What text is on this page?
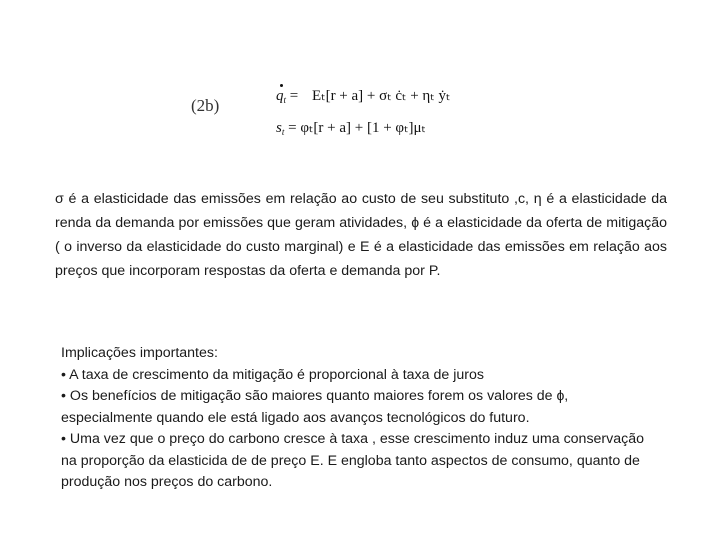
(2b)	$q_t = E_t[r + a] + \sigma_t$ ċₜ + ηₜ ẏₜ
$s_t = \varphi_t[r + a] + [1 + \varphi_t]\mu_t$
σ é a elasticidade das emissões em relação ao custo de seu substituto ,c, η é a elasticidade da renda da demanda por emissões que geram atividades, ɸ é a elasticidade da oferta de mitigação ( o inverso da elasticidade do custo marginal) e E é a elasticidade das emissões em relação aos preços que incorporam respostas da oferta e demanda por P.
Implicações importantes:
• A taxa de crescimento da mitigação é proporcional à taxa de juros
• Os benefícios de mitigação são maiores quanto maiores forem os valores de ɸ, especialmente quando ele está ligado aos avanços tecnológicos do futuro.
• Uma vez que o preço do carbono cresce à taxa , esse crescimento induz uma conservação na proporção da elasticida de de preço E. E engloba tanto aspectos de consumo, quanto de produção nos preços do carbono.
